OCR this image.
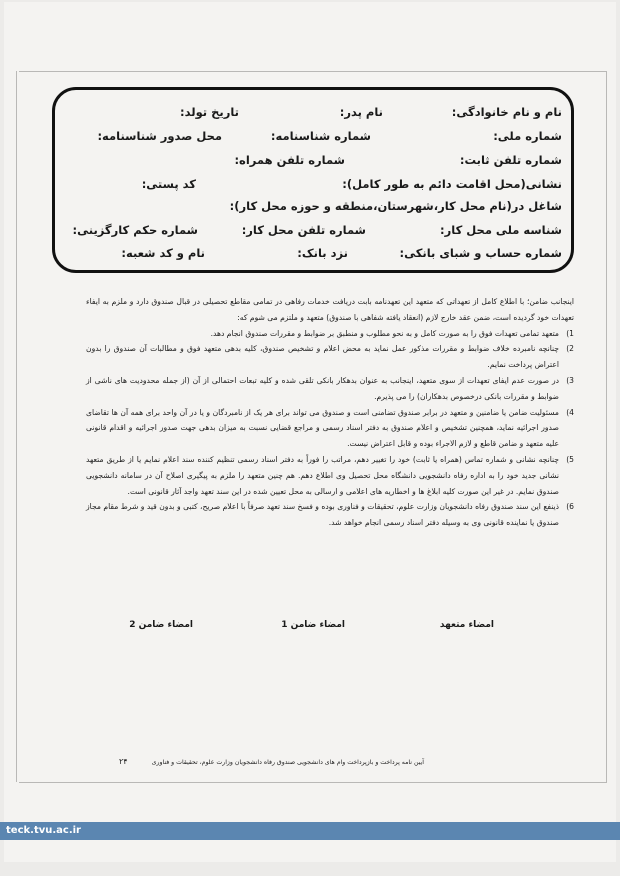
نام و نام خانوادگی:
نام پدر:
تاریخ تولد:
شماره ملی:
شماره شناسنامه:
محل صدور شناسنامه:
شماره تلفن ثابت:
شماره تلفن همراه:
نشانی(محل اقامت دائم به طور کامل):
کد پستی:
شاغل در(نام محل کار،شهرستان،منطقه و حوزه محل کار):
شناسه ملی محل کار:
شماره تلفن محل کار:
شماره حکم کارگزینی:
شماره حساب و شبای بانکی:
نزد بانک:
نام و کد شعبه:

اینجانب ضامن؛ با اطلاع کامل از تعهداتی که متعهد این تعهدنامه بابت دریافت خدمات رفاهی در تمامی مقاطع تحصیلی در قبال صندوق دارد و ملزم به ایفاء تعهدات خود گردیده است، ضمن عقد خارج لازم (انعقاد یافته شفاهی با صندوق) متعهد و ملتزم می شوم که:

1)
متعهد تمامی تعهدات فوق را به صورت کامل و به نحو مطلوب و منطبق بر ضوابط و مقررات صندوق انجام دهد.
2)
چنانچه نامبرده خلاف ضوابط و مقررات مذکور عمل نماید به محض اعلام و تشخیص صندوق، کلیه بدهی متعهد فوق و مطالبات آن صندوق را بدون اعتراض پرداخت نمایم.
3)
در صورت عدم ایفای تعهدات از سوی متعهد، اینجانب به عنوان بدهکار بانکی تلقی شده و کلیه تبعات احتمالی از آن (از جمله محدودیت های ناشی از ضوابط و مقررات بانکی درخصوص بدهکاران) را می پذیرم.
4)
مسئولیت ضامن یا ضامنین و متعهد در برابر صندوق تضامنی است و صندوق می تواند برای هر یک از نامبردگان و یا در آن واحد برای همه آن ها تقاضای صدور اجرائیه نماید، همچنین تشخیص و اعلام صندوق به دفتر اسناد رسمی و مراجع قضایی نسبت به میزان بدهی جهت صدور اجرائیه و اقدام قانونی علیه متعهد و ضامن قاطع و لازم الاجراء بوده و قابل اعتراض نیست.
5)
چنانچه نشانی و شماره تماس (همراه یا ثابت) خود را تغییر دهم، مراتب را فوراً به دفتر اسناد رسمی تنظیم کننده سند اعلام نمایم یا از طریق متعهد نشانی جدید خود را به اداره رفاه دانشجویی دانشگاه محل تحصیل وی اطلاع دهم. هم چنین متعهد را ملزم به پیگیری اصلاح آن در سامانه دانشجویی صندوق نمایم. در غیر این صورت کلیه ابلاغ ها و اخطاریه های اعلامی و ارسالی به محل تعیین شده در این سند تعهد واجد آثار قانونی است.
6)
ذینفع این سند صندوق رفاه دانشجویان وزارت علوم، تحقیقات و فناوری بوده و فسخ سند تعهد صرفاً با اعلام صریح، کتبی و بدون قید و شرط مقام مجاز صندوق یا نماینده قانونی وی به وسیله دفتر اسناد رسمی انجام خواهد شد.
امضاء متعهد
امضاء ضامن 1
امضاء ضامن 2
آیین نامه پرداخت و بازپرداخت وام های دانشجویی صندوق رفاه دانشجویان وزارت علوم، تحقیقات و فناوری
۲۴
teck.tvu.ac.ir
